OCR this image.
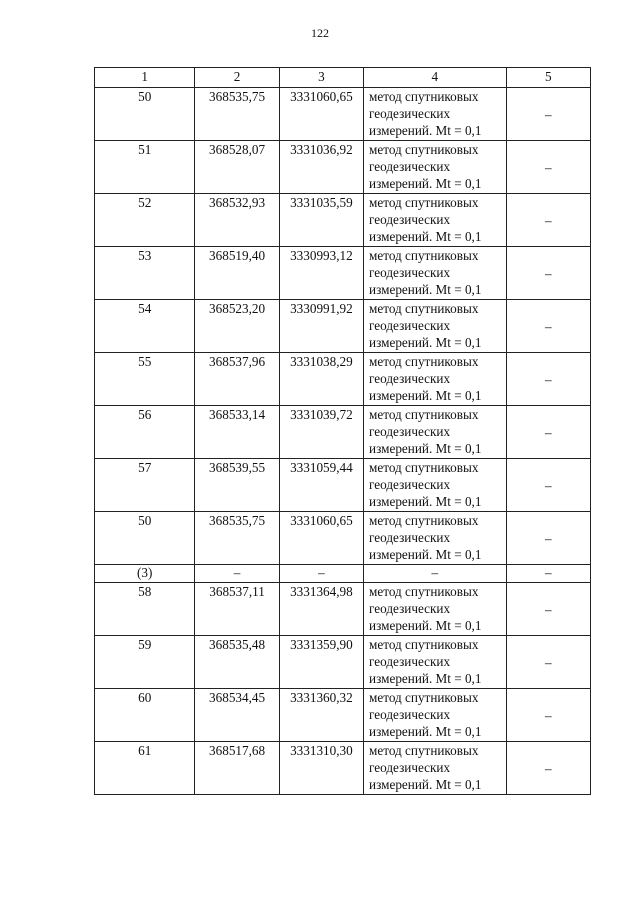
122
1	2	3	4	5
50	368535,75	3331060,65	метод спутниковых
геодезических
измерений. Mt = 0,1	–
51	368528,07	3331036,92	метод спутниковых
геодезических
измерений. Mt = 0,1	–
52	368532,93	3331035,59	метод спутниковых
геодезических
измерений. Mt = 0,1	–
53	368519,40	3330993,12	метод спутниковых
геодезических
измерений. Mt = 0,1	–
54	368523,20	3330991,92	метод спутниковых
геодезических
измерений. Mt = 0,1	–
55	368537,96	3331038,29	метод спутниковых
геодезических
измерений. Mt = 0,1	–
56	368533,14	3331039,72	метод спутниковых
геодезических
измерений. Mt = 0,1	–
57	368539,55	3331059,44	метод спутниковых
геодезических
измерений. Mt = 0,1	–
50	368535,75	3331060,65	метод спутниковых
геодезических
измерений. Mt = 0,1	–
(3)	–	–	–	–
58	368537,11	3331364,98	метод спутниковых
геодезических
измерений. Mt = 0,1	–
59	368535,48	3331359,90	метод спутниковых
геодезических
измерений. Mt = 0,1	–
60	368534,45	3331360,32	метод спутниковых
геодезических
измерений. Mt = 0,1	–
61	368517,68	3331310,30	метод спутниковых
геодезических
измерений. Mt = 0,1	–
